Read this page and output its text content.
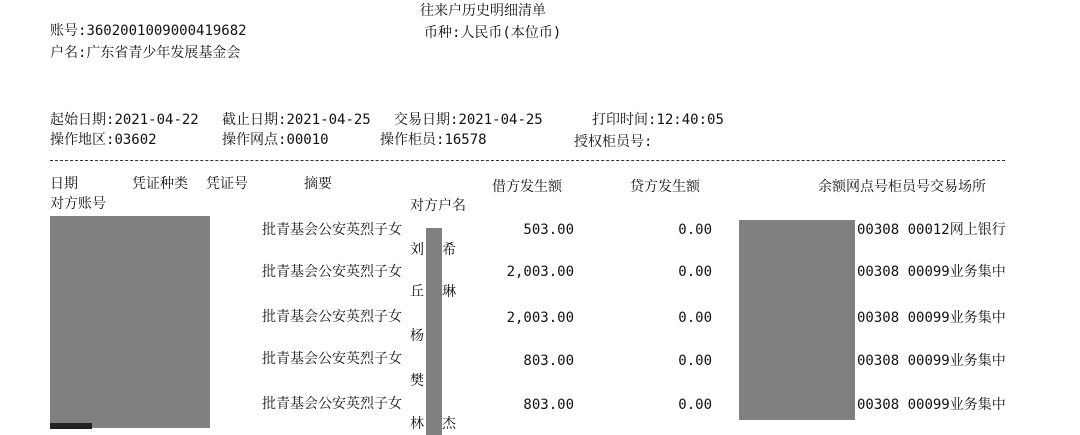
往来户历史明细清单
账号:3602001009000419682	币种:人民币(本位币)
户名:广东省青少年发展基金会
起始日期:2021-04-22 截止日期:2021-04-25 交易日期:2021-04-25	打印时间:12:40:05
操作地区:03602	操作网点:00010	操作柜员:16578	授权柜员号:
日期	凭证种类 凭证号	摘要	借方发生额	贷方发生额	余额网点号柜员号交易场所
对方账号	对方户名
批青基会公安英烈子女	503.00	0.00	00308 00012网上银行
刘 希
批青基会公安英烈子女	2,003.00	0.00	00308 00099业务集中
丘 琳
批青基会公安英烈子女	2,003.00	0.00	00308 00099业务集中
杨
批青基会公安英烈子女	803.00	0.00	00308 00099业务集中
樊
批青基会公安英烈子女	803.00	0.00	00308 00099业务集中
林 杰
